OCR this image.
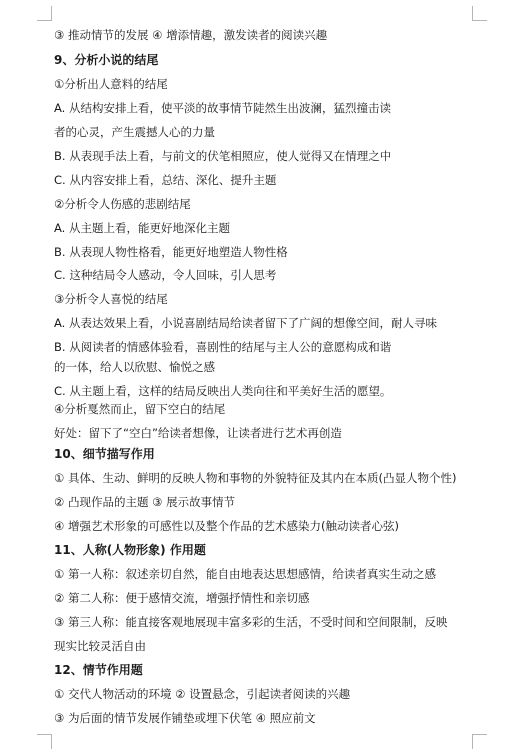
③ 推动情节的发展 ④ 增添情趣，激发读者的阅读兴趣
9、分析小说的结尾
①分析出人意料的结尾
A. 从结构安排上看，使平淡的故事情节陡然生出波澜，猛烈撞击读
者的心灵，产生震撼人心的力量
B. 从表现手法上看，与前文的伏笔相照应，使人觉得又在情理之中
C. 从内容安排上看，总结、深化、提升主题
②分析令人伤感的悲剧结尾
A. 从主题上看，能更好地深化主题
B. 从表现人物性格看，能更好地塑造人物性格
C. 这种结局令人感动，令人回味，引人思考
③分析令人喜悦的结尾
A. 从表达效果上看，小说喜剧结局给读者留下了广阔的想像空间，耐人寻味
B. 从阅读者的情感体验看，喜剧性的结尾与主人公的意愿构成和谐
的一体，给人以欣慰、愉悦之感
C. 从主题上看，这样的结局反映出人类向往和平美好生活的愿望。
④分析戛然而止，留下空白的结尾
好处：留下了“空白”给读者想像，让读者进行艺术再创造
10、细节描写作用
① 具体、生动、鲜明的反映人物和事物的外貌特征及其内在本质(凸显人物个性)
② 凸现作品的主题 ③ 展示故事情节
④ 增强艺术形象的可感性以及整个作品的艺术感染力(触动读者心弦)
11、人称(人物形象) 作用题
① 第一人称：叙述亲切自然，能自由地表达思想感情，给读者真实生动之感
② 第二人称：便于感情交流，增强抒情性和亲切感
③ 第三人称：能直接客观地展现丰富多彩的生活，不受时间和空间限制，反映
现实比较灵活自由
12、情节作用题
① 交代人物活动的环境 ② 设置悬念，引起读者阅读的兴趣
③ 为后面的情节发展作铺垫或埋下伏笔 ④ 照应前文
